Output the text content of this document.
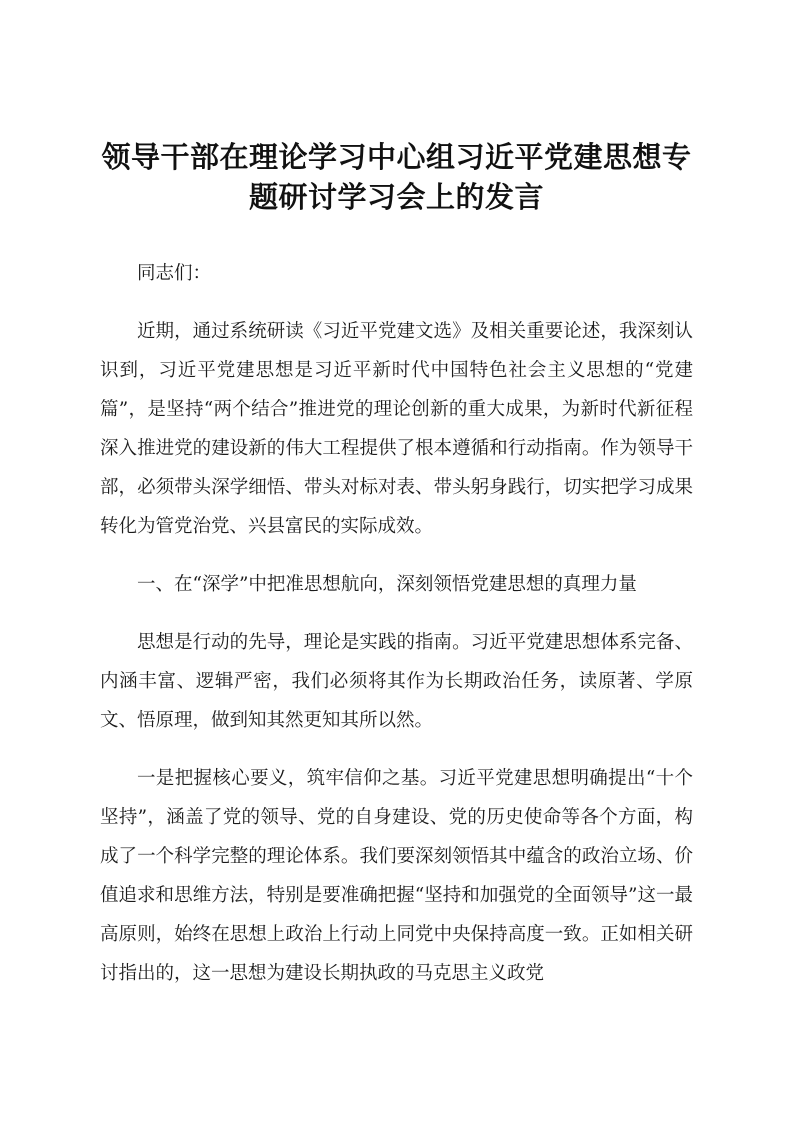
领导干部在理论学习中心组习近平党建思想专题研讨学习会上的发言

同志们：

近期，通过系统研读《习近平党建文选》及相关重要论述，我深刻认识到，习近平党建思想是习近平新时代中国特色社会主义思想的“党建篇”，是坚持“两个结合”推进党的理论创新的重大成果，为新时代新征程深入推进党的建设新的伟大工程提供了根本遵循和行动指南。作为领导干部，必须带头深学细悟、带头对标对表、带头躬身践行，切实把学习成果转化为管党治党、兴县富民的实际成效。

一、在“深学”中把准思想航向，深刻领悟党建思想的真理力量

思想是行动的先导，理论是实践的指南。习近平党建思想体系完备、内涵丰富、逻辑严密，我们必须将其作为长期政治任务，读原著、学原文、悟原理，做到知其然更知其所以然。

一是把握核心要义，筑牢信仰之基。习近平党建思想明确提出“十个坚持”，涵盖了党的领导、党的自身建设、党的历史使命等各个方面，构成了一个科学完整的理论体系。我们要深刻领悟其中蕴含的政治立场、价值追求和思维方法，特别是要准确把握“坚持和加强党的全面领导”这一最高原则，始终在思想上政治上行动上同党中央保持高度一致。正如相关研讨指出的，这一思想为建设长期执政的马克思主义政党
